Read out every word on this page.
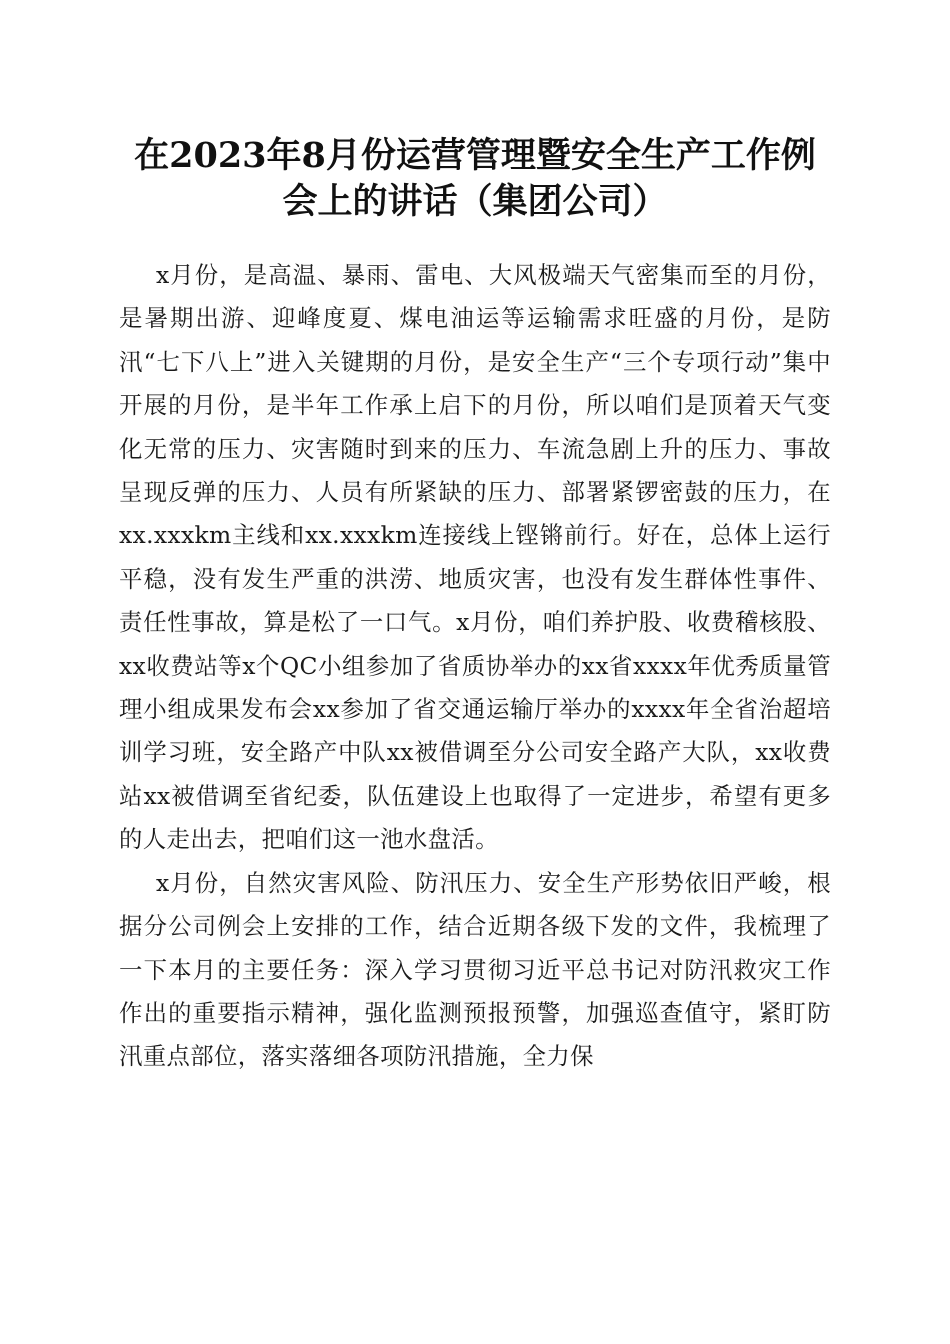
在2023年8月份运营管理暨安全生产工作例
会上的讲话（集团公司）

x月份，是高温、暴雨、雷电、大风极端天气密集而至的月份，是暑期出游、迎峰度夏、煤电油运等运输需求旺盛的月份，是防汛“七下八上”进入关键期的月份，是安全生产“三个专项行动”集中开展的月份，是半年工作承上启下的月份，所以咱们是顶着天气变化无常的压力、灾害随时到来的压力、车流急剧上升的压力、事故呈现反弹的压力、人员有所紧缺的压力、部署紧锣密鼓的压力，在xx.xxxkm主线和xx.xxxkm连接线上铿锵前行。好在，总体上运行平稳，没有发生严重的洪涝、地质灾害，也没有发生群体性事件、责任性事故，算是松了一口气。x月份，咱们养护股、收费稽核股、xx收费站等x个QC小组参加了省质协举办的xx省xxxx年优秀质量管理小组成果发布会xx参加了省交通运输厅举办的xxxx年全省治超培训学习班，安全路产中队xx被借调至分公司安全路产大队，xx收费站xx被借调至省纪委，队伍建设上也取得了一定进步，希望有更多的人走出去，把咱们这一池水盘活。

x月份，自然灾害风险、防汛压力、安全生产形势依旧严峻，根据分公司例会上安排的工作，结合近期各级下发的文件，我梳理了一下本月的主要任务：深入学习贯彻习近平总书记对防汛救灾工作作出的重要指示精神，强化监测预报预警，加强巡查值守，紧盯防汛重点部位，落实落细各项防汛措施，全力保
